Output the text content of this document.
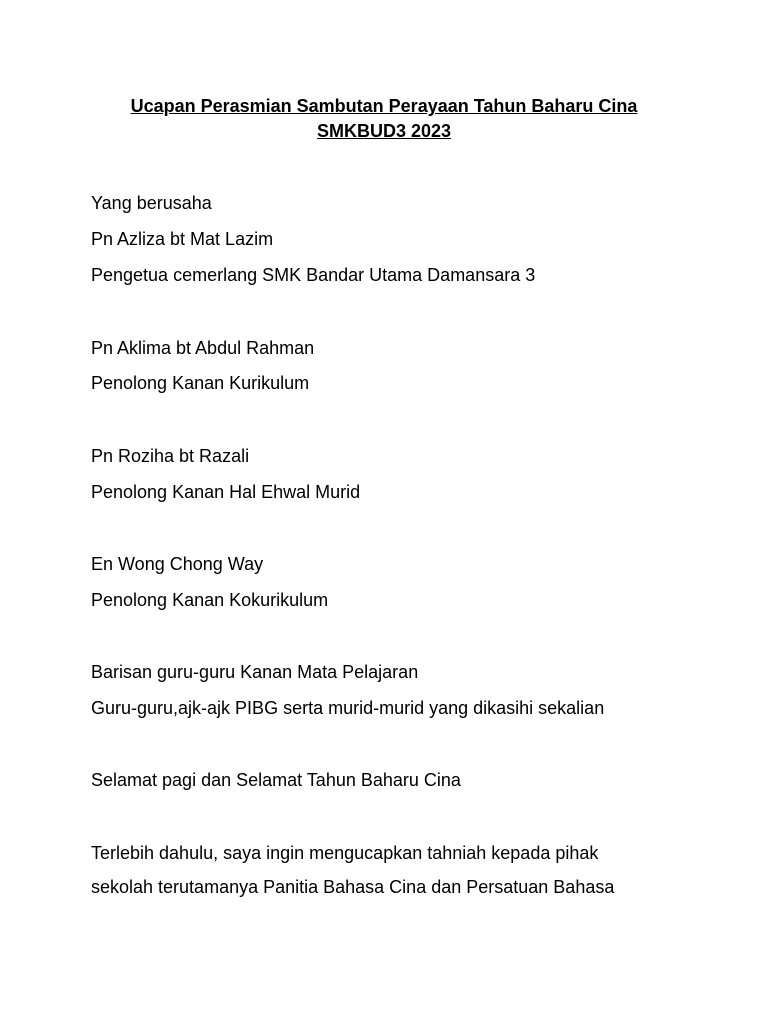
Ucapan Perasmian Sambutan Perayaan Tahun Baharu Cina
SMKBUD3 2023

Yang berusaha

Pn Azliza bt Mat Lazim

Pengetua cemerlang SMK Bandar Utama Damansara 3

Pn Aklima bt Abdul Rahman

Penolong Kanan Kurikulum

Pn Roziha bt Razali

Penolong Kanan Hal Ehwal Murid

En Wong Chong Way

Penolong Kanan Kokurikulum

Barisan guru-guru Kanan Mata Pelajaran

Guru-guru,ajk-ajk PIBG serta murid-murid yang dikasihi sekalian

Selamat pagi dan Selamat Tahun Baharu Cina

Terlebih dahulu, saya ingin mengucapkan tahniah kepada pihak

sekolah terutamanya Panitia Bahasa Cina dan Persatuan Bahasa
